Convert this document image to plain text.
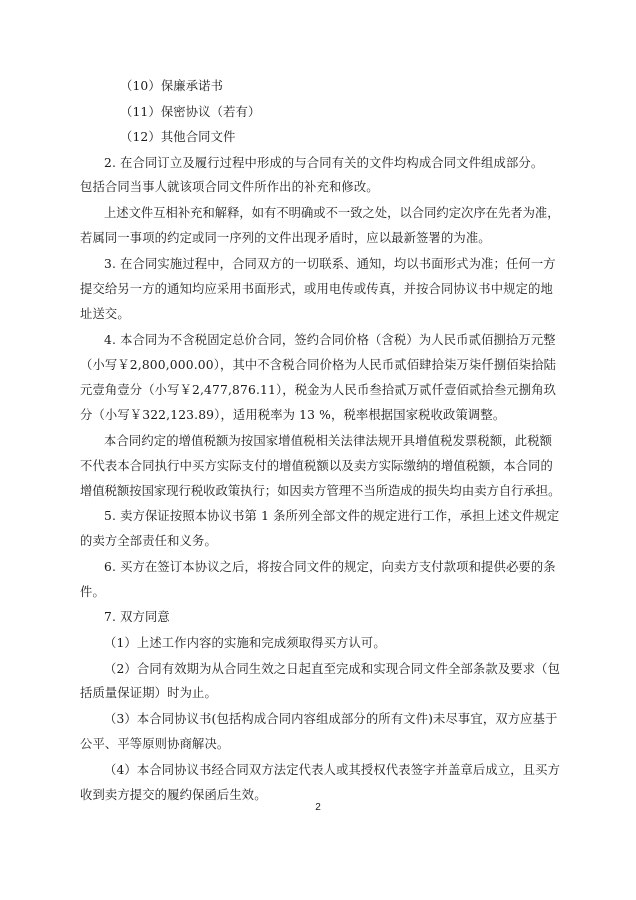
（10）保廉承诺书
（11）保密协议（若有）
（12）其他合同文件
2. 在合同订立及履行过程中形成的与合同有关的文件均构成合同文件组成部分。
包括合同当事人就该项合同文件所作出的补充和修改。
上述文件互相补充和解释，如有不明确或不一致之处，以合同约定次序在先者为准，
若属同一事项的约定或同一序列的文件出现矛盾时，应以最新签署的为准。
3. 在合同实施过程中，合同双方的一切联系、通知，均以书面形式为准；任何一方
提交给另一方的通知均应采用书面形式，或用电传或传真，并按合同协议书中规定的地
址送交。
4. 本合同为不含税固定总价合同，签约合同价格（含税）为人民币贰佰捌拾万元整
（小写￥2,800,000.00），其中不含税合同价格为人民币贰佰肆拾柒万柒仟捌佰柒拾陆
元壹角壹分（小写￥2,477,876.11），税金为人民币叁拾贰万贰仟壹佰贰拾叁元捌角玖
分（小写￥322,123.89），适用税率为 13 %，税率根据国家税收政策调整。
本合同约定的增值税额为按国家增值税相关法律法规开具增值税发票税额，此税额
不代表本合同执行中买方实际支付的增值税额以及卖方实际缴纳的增值税额，本合同的
增值税额按国家现行税收政策执行；如因卖方管理不当所造成的损失均由卖方自行承担。
5. 卖方保证按照本协议书第 1 条所列全部文件的规定进行工作，承担上述文件规定
的卖方全部责任和义务。
6. 买方在签订本协议之后，将按合同文件的规定，向卖方支付款项和提供必要的条
件。
7. 双方同意
（1）上述工作内容的实施和完成须取得买方认可。
（2）合同有效期为从合同生效之日起直至完成和实现合同文件全部条款及要求（包
括质量保证期）时为止。
（3）本合同协议书(包括构成合同内容组成部分的所有文件)未尽事宜，双方应基于
公平、平等原则协商解决。
（4）本合同协议书经合同双方法定代表人或其授权代表签字并盖章后成立，且买方
收到卖方提交的履约保函后生效。
2
